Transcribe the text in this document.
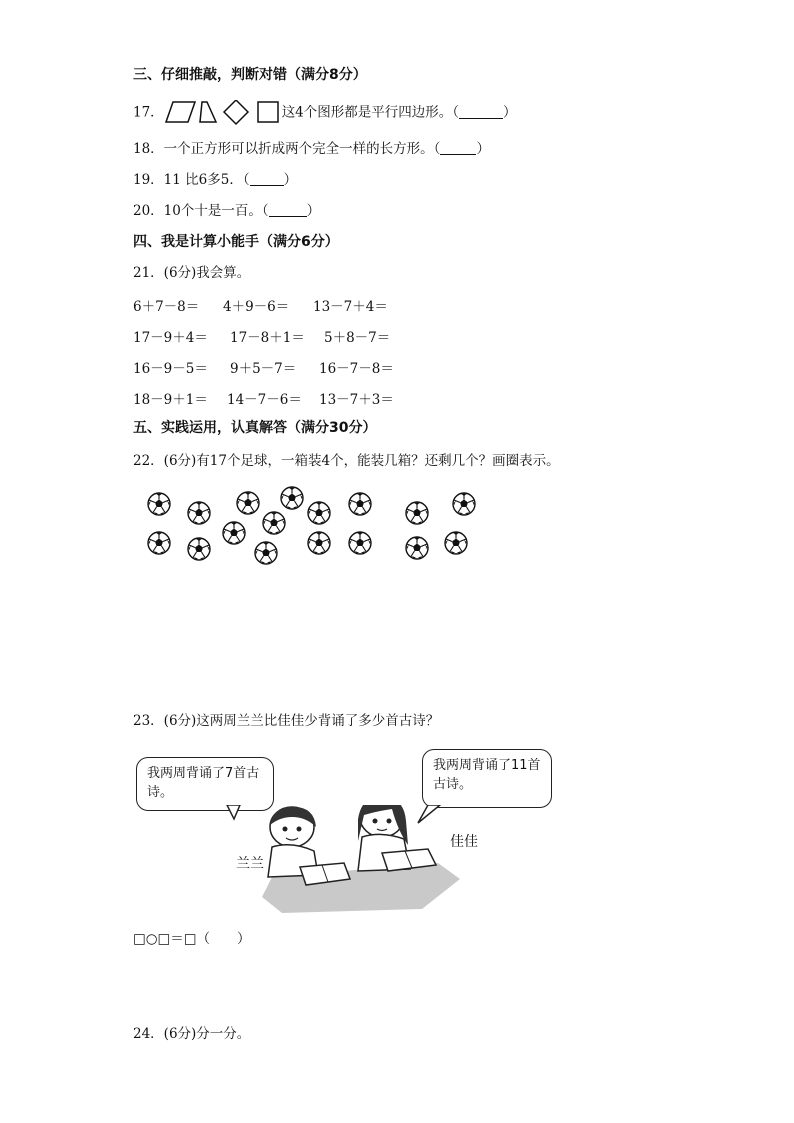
三、仔细推敲，判断对错（满分8分）
17．	这4个图形都是平行四边形。（	）
18．一个正方形可以折成两个完全一样的长方形。（	）
19．11 比6多5．（	）
20．10个十是一百。（	）
四、我是计算小能手（满分6分）
21．(6分)我会算。
6＋7－8＝ 4＋9－6＝ 13－7＋4＝
17－9＋4＝ 17－8＋1＝ 5＋8－7＝
16－9－5＝ 9＋5－7＝ 16－7－8＝
18－9＋1＝ 14－7－6＝ 13－7＋3＝
五、实践运用，认真解答（满分30分）
22．(6分)有17个足球，一箱装4个，能装几箱？还剩几个？画圈表示。
23．(6分)这两周兰兰比佳佳少背诵了多少首古诗？
我两周背诵了7首古诗。
我两周背诵了11首古诗。
兰兰
佳佳
□○□＝□（　　）
24．(6分)分一分。
